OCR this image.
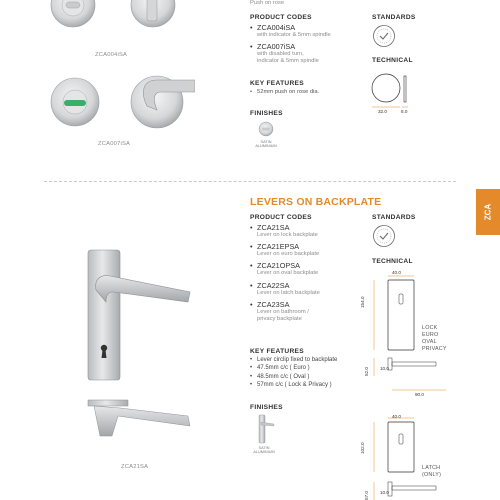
ZCA004iSA
ZCA007iSA
Push on rose
PRODUCT CODES
• ZCA004iSA
with indicator & 5mm spindle
• ZCA007iSA
with disabled turn,
indicator & 5mm spindle
KEY FEATURES
• 52mm push on rose dia.
FINISHES
SATIN
ALUMINIUM
STANDARDS
TECHNICAL
32.0	8.0
ZCA
LEVERS ON BACKPLATE
ZCA21SA
PRODUCT CODES
• ZCA21SA
Lever on lock backplate
• ZCA21EPSA
Lever on euro backplate
• ZCA21OPSA
Lever on oval backplate
• ZCA22SA
Lever on latch backplate
• ZCA23SA
Lever on bathroom /
privacy backplate
KEY FEATURES
• Lever circlip fixed to backplate
• 47.5mm c/c ( Euro )
• 48.5mm c/c ( Oval )
• 57mm c/c ( Lock & Privacy )
FINISHES
SATIN
ALUMINIUM
STANDARDS
TECHNICAL
40.0
154.0
52.0 10.0
90.0
LOCK
EURO
OVAL
PRIVACY
40.0
102.0
57.0 10.0
LATCH
(ONLY)
